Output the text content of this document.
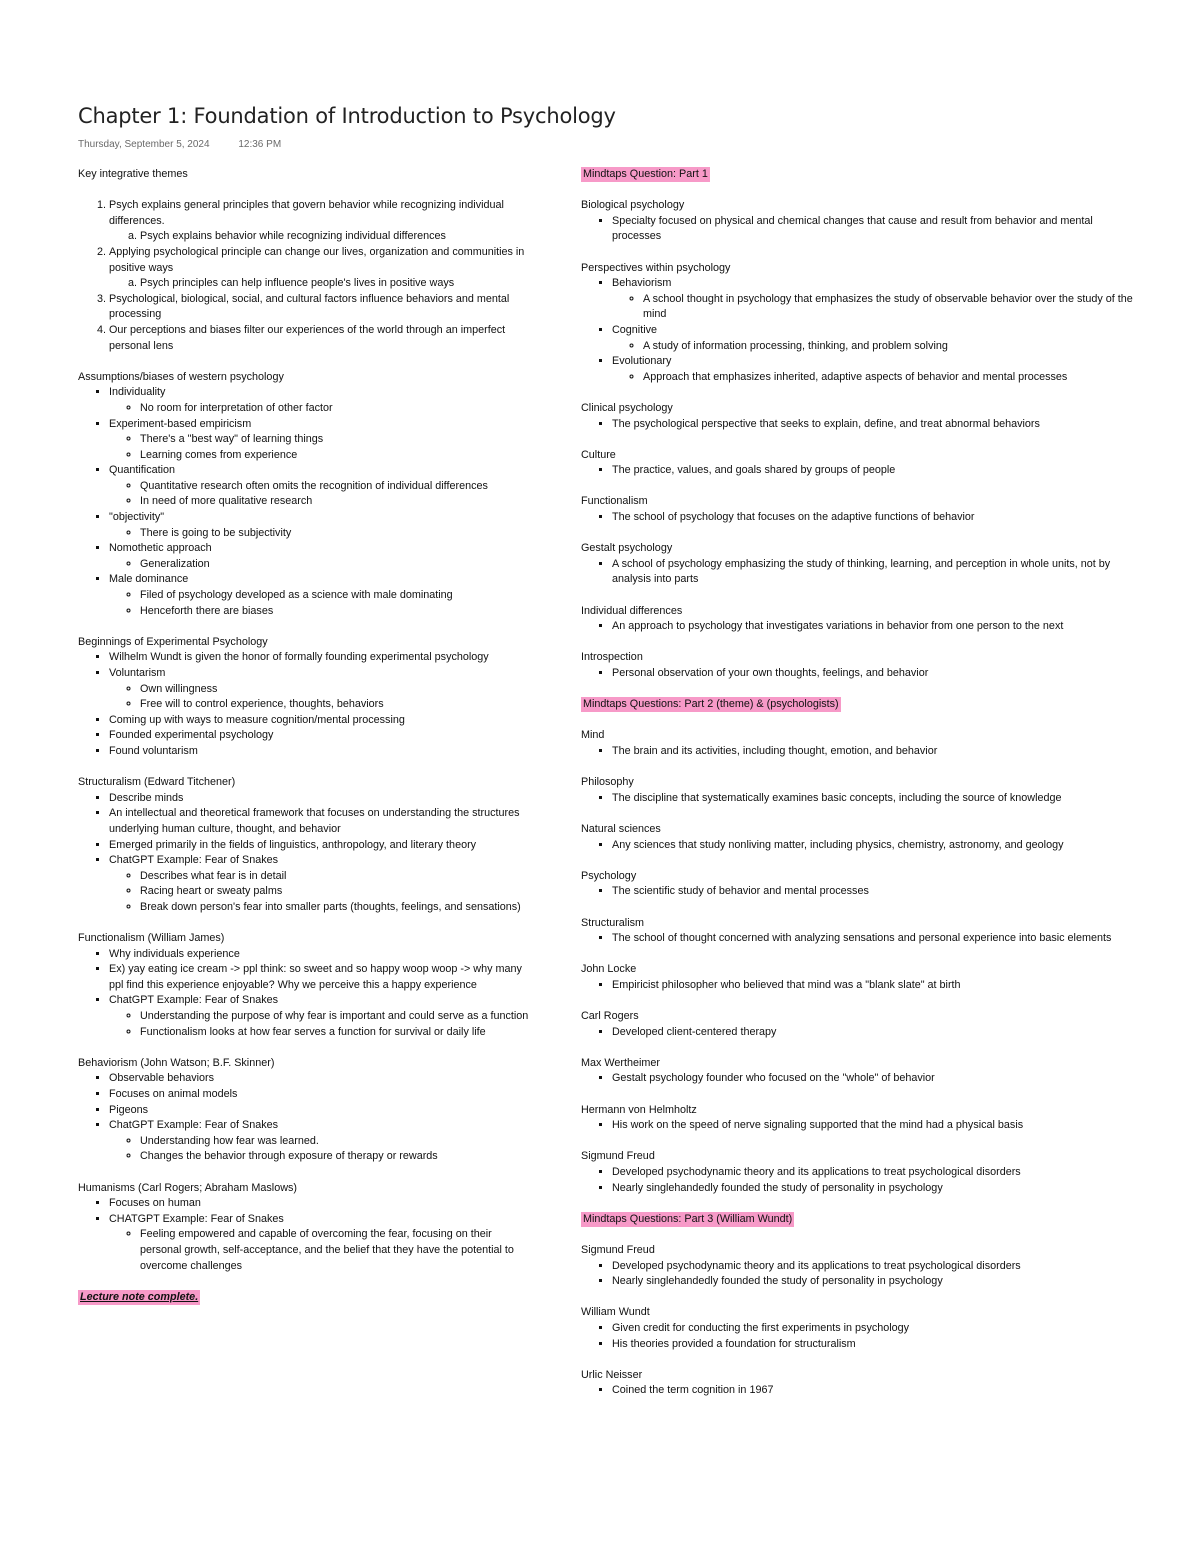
Chapter 1: Foundation of Introduction to Psychology
Thursday, September 5, 2024	12:36 PM
Key integrative themes
1. Psych explains general principles that govern behavior while recognizing individual differences.
a. Psych explains behavior while recognizing individual differences
2. Applying psychological principle can change our lives, organization and communities in positive ways
a. Psych principles can help influence people's lives in positive ways
3. Psychological, biological, social, and cultural factors influence behaviors and mental processing
4. Our perceptions and biases filter our experiences of the world through an imperfect personal lens
Assumptions/biases of western psychology
▪ Individuality
◦ No room for interpretation of other factor
▪ Experiment-based empiricism
◦ There's a "best way" of learning things
◦ Learning comes from experience
▪ Quantification
◦ Quantitative research often omits the recognition of individual differences
◦ In need of more qualitative research
▪ "objectivity"
◦ There is going to be subjectivity
▪ Nomothetic approach
◦ Generalization
▪ Male dominance
◦ Filed of psychology developed as a science with male dominating
◦ Henceforth there are biases
Beginnings of Experimental Psychology
▪ Wilhelm Wundt is given the honor of formally founding experimental psychology
▪ Voluntarism
◦ Own willingness
◦ Free will to control experience, thoughts, behaviors
▪ Coming up with ways to measure cognition/mental processing
▪ Founded experimental psychology
▪ Found voluntarism
Structuralism (Edward Titchener)
▪ Describe minds
▪ An intellectual and theoretical framework that focuses on understanding the structures underlying human culture, thought, and behavior
▪ Emerged primarily in the fields of linguistics, anthropology, and literary theory
▪ ChatGPT Example: Fear of Snakes
◦ Describes what fear is in detail
◦ Racing heart or sweaty palms
◦ Break down person's fear into smaller parts (thoughts, feelings, and sensations)
Functionalism (William James)
▪ Why individuals experience
▪ Ex) yay eating ice cream -> ppl think: so sweet and so happy woop woop -> why many ppl find this experience enjoyable? Why we perceive this a happy experience
▪ ChatGPT Example: Fear of Snakes
◦ Understanding the purpose of why fear is important and could serve as a function
◦ Functionalism looks at how fear serves a function for survival or daily life
Behaviorism (John Watson; B.F. Skinner)
▪ Observable behaviors
▪ Focuses on animal models
▪ Pigeons
▪ ChatGPT Example: Fear of Snakes
◦ Understanding how fear was learned.
◦ Changes the behavior through exposure of therapy or rewards
Humanisms (Carl Rogers; Abraham Maslows)
▪ Focuses on human
▪ CHATGPT Example: Fear of Snakes
◦ Feeling empowered and capable of overcoming the fear, focusing on their personal growth, self-acceptance, and the belief that they have the potential to overcome challenges
Lecture note complete.
Mindtaps Question: Part 1
Biological psychology
▪ Specialty focused on physical and chemical changes that cause and result from behavior and mental processes
Perspectives within psychology
▪ Behaviorism
◦ A school thought in psychology that emphasizes the study of observable behavior over the study of the mind
▪ Cognitive
◦ A study of information processing, thinking, and problem solving
▪ Evolutionary
◦ Approach that emphasizes inherited, adaptive aspects of behavior and mental processes
Clinical psychology
▪ The psychological perspective that seeks to explain, define, and treat abnormal behaviors
Culture
▪ The practice, values, and goals shared by groups of people
Functionalism
▪ The school of psychology that focuses on the adaptive functions of behavior
Gestalt psychology
▪ A school of psychology emphasizing the study of thinking, learning, and perception in whole units, not by analysis into parts
Individual differences
▪ An approach to psychology that investigates variations in behavior from one person to the next
Introspection
▪ Personal observation of your own thoughts, feelings, and behavior
Mindtaps Questions: Part 2 (theme) & (psychologists)
Mind
▪ The brain and its activities, including thought, emotion, and behavior
Philosophy
▪ The discipline that systematically examines basic concepts, including the source of knowledge
Natural sciences
▪ Any sciences that study nonliving matter, including physics, chemistry, astronomy, and geology
Psychology
▪ The scientific study of behavior and mental processes
Structuralism
▪ The school of thought concerned with analyzing sensations and personal experience into basic elements
John Locke
▪ Empiricist philosopher who believed that mind was a "blank slate" at birth
Carl Rogers
▪ Developed client-centered therapy
Max Wertheimer
▪ Gestalt psychology founder who focused on the "whole" of behavior
Hermann von Helmholtz
▪ His work on the speed of nerve signaling supported that the mind had a physical basis
Sigmund Freud
▪ Developed psychodynamic theory and its applications to treat psychological disorders
▪ Nearly singlehandedly founded the study of personality in psychology
Mindtaps Questions: Part 3 (William Wundt)
Sigmund Freud
▪ Developed psychodynamic theory and its applications to treat psychological disorders
▪ Nearly singlehandedly founded the study of personality in psychology
William Wundt
▪ Given credit for conducting the first experiments in psychology
▪ His theories provided a foundation for structuralism
Urlic Neisser
▪ Coined the term cognition in 1967
